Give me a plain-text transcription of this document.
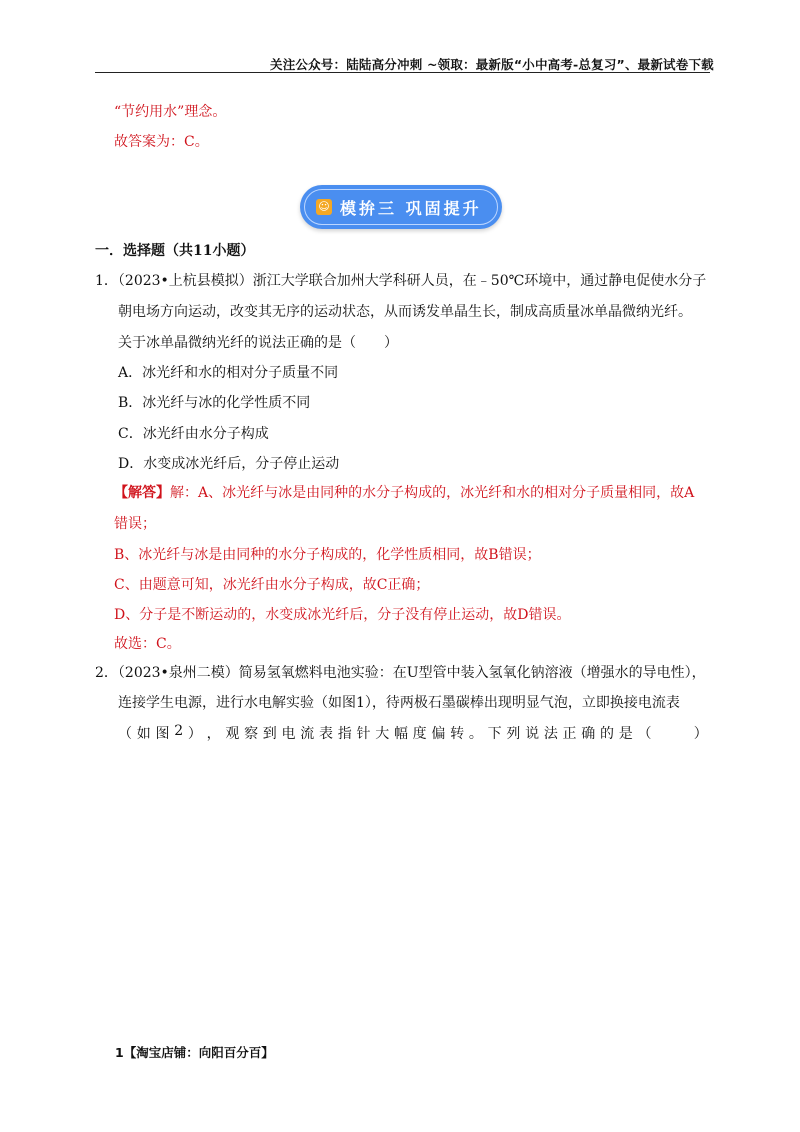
关注公众号：陆陆高分冲刺 ~领取：最新版“小中高考-总复习”、最新试卷下载
“节约用水”理念。
故答案为：C。
☺ 模拚三 巩固提升
一．选择题（共11小题）
1．（2023•上杭县模拟）浙江大学联合加州大学科研人员，在﹣50℃环境中，通过静电促使水分子
朝电场方向运动，改变其无序的运动状态，从而诱发单晶生长，制成高质量冰单晶微纳光纤。
关于冰单晶微纳光纤的说法正确的是（　　）
A．冰光纤和水的相对分子质量不同
B．冰光纤与冰的化学性质不同
C．冰光纤由水分子构成
D．水变成冰光纤后，分子停止运动
【解答】解：A、冰光纤与冰是由同种的水分子构成的，冰光纤和水的相对分子质量相同，故A
错误；
B、冰光纤与冰是由同种的水分子构成的，化学性质相同，故B错误；
C、由题意可知，冰光纤由水分子构成，故C正确；
D、分子是不断运动的，水变成冰光纤后，分子没有停止运动，故D错误。
故选：C。
2．（2023•泉州二模）简易氢氧燃料电池实验：在U型管中装入氢氧化钠溶液（增强水的导电性），
连接学生电源，进行水电解实验（如图1），待两极石墨碳棒出现明显气泡，立即换接电流表
（ 如 图 2 ） ， 观 察 到 电 流 表 指 针 大 幅 度 偏 转 。 下 列 说 法 正 确 的 是 （

　	）
1【淘宝店铺：向阳百分百】
